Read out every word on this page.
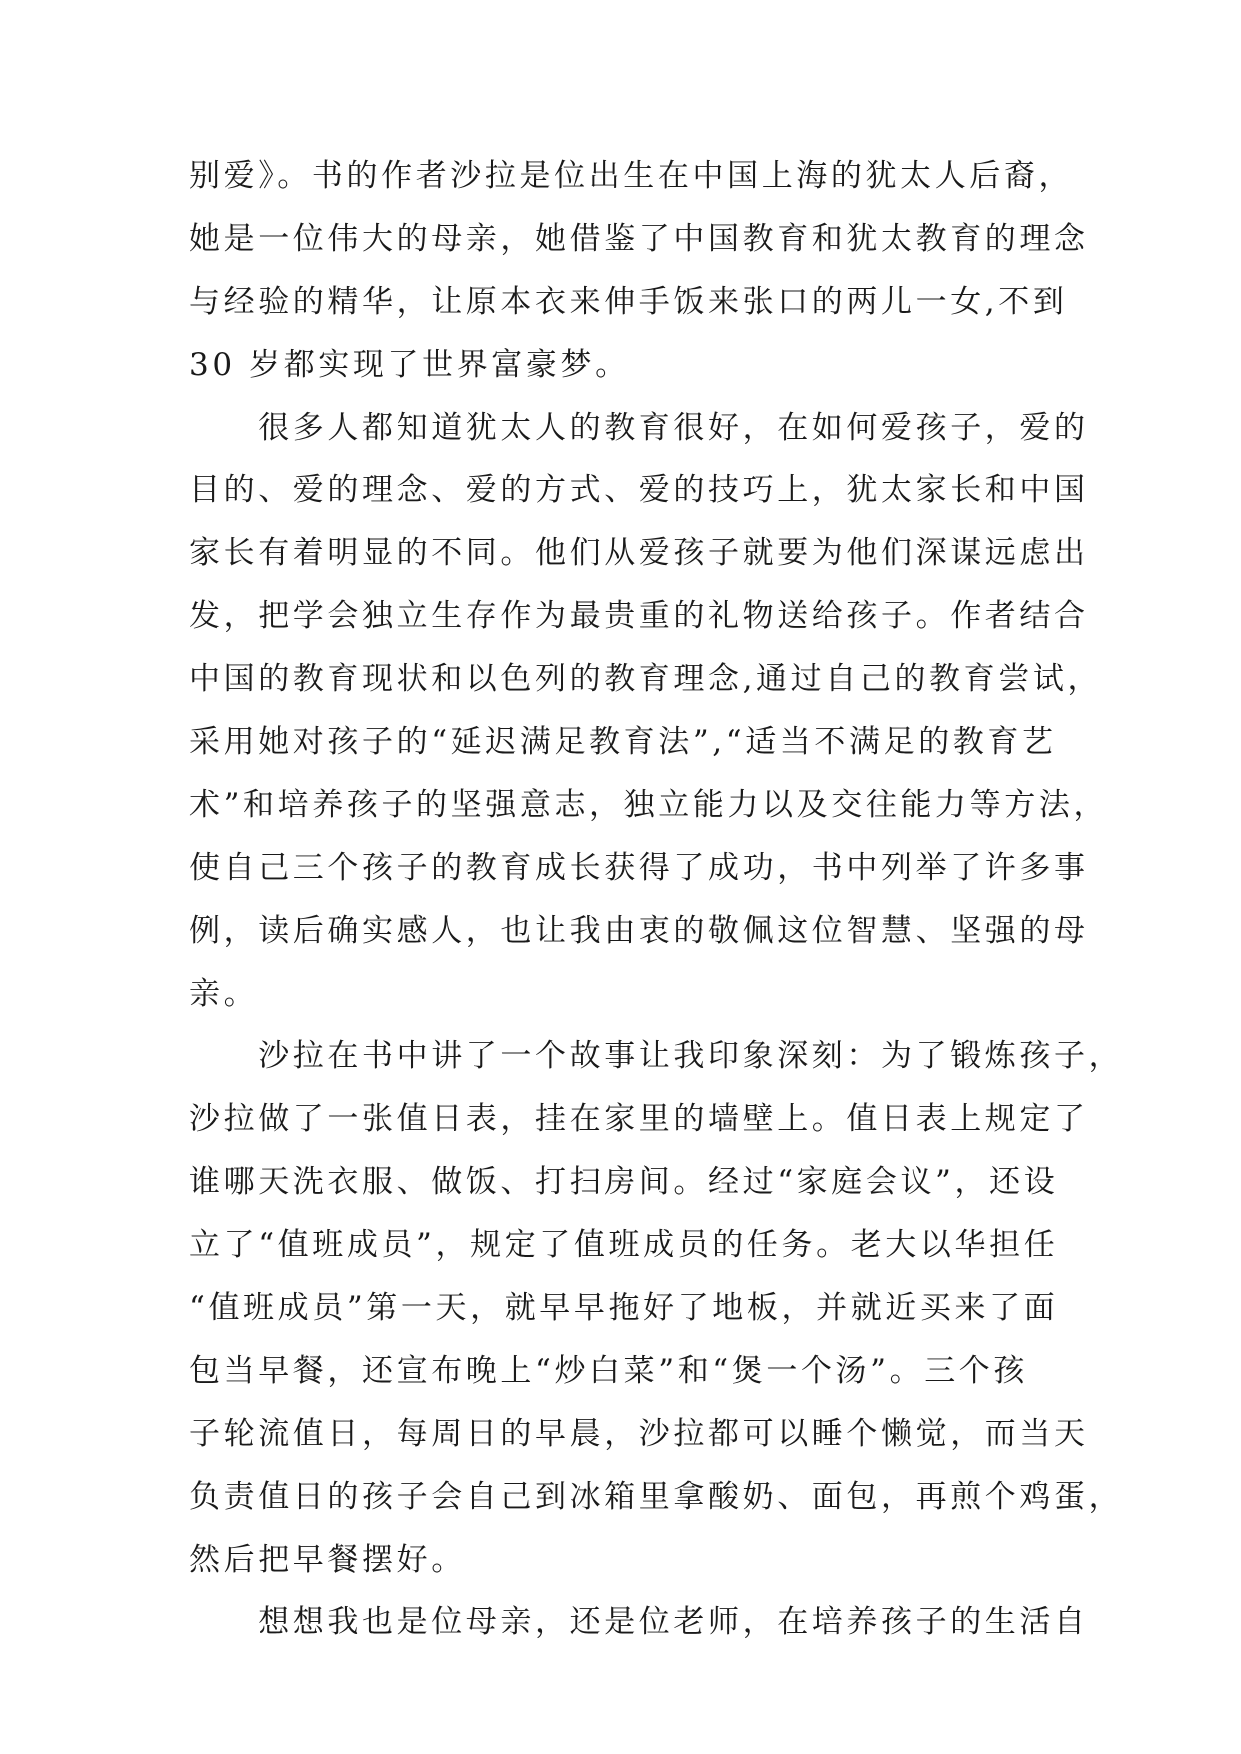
别爱》。书的作者沙拉是位出生在中国上海的犹太人后裔，
她是一位伟大的母亲，她借鉴了中国教育和犹太教育的理念
与经验的精华，让原本衣来伸手饭来张口的两儿一女,不到
30 岁都实现了世界富豪梦。
　　很多人都知道犹太人的教育很好，在如何爱孩子，爱的
目的、爱的理念、爱的方式、爱的技巧上，犹太家长和中国
家长有着明显的不同。他们从爱孩子就要为他们深谋远虑出
发，把学会独立生存作为最贵重的礼物送给孩子。作者结合
中国的教育现状和以色列的教育理念,通过自己的教育尝试，
采用她对孩子的“延迟满足教育法”,“适当不满足的教育艺
术”和培养孩子的坚强意志，独立能力以及交往能力等方法，
使自己三个孩子的教育成长获得了成功，书中列举了许多事
例，读后确实感人，也让我由衷的敬佩这位智慧、坚强的母
亲。
　　沙拉在书中讲了一个故事让我印象深刻：为了锻炼孩子，
沙拉做了一张值日表，挂在家里的墙壁上。值日表上规定了
谁哪天洗衣服、做饭、打扫房间。经过“家庭会议”，还设
立了“值班成员”，规定了值班成员的任务。老大以华担任
“值班成员”第一天，就早早拖好了地板，并就近买来了面
包当早餐，还宣布晚上“炒白菜”和“煲一个汤”。三个孩
子轮流值日，每周日的早晨，沙拉都可以睡个懒觉，而当天
负责值日的孩子会自己到冰箱里拿酸奶、面包，再煎个鸡蛋，
然后把早餐摆好。
　　想想我也是位母亲，还是位老师，在培养孩子的生活自
